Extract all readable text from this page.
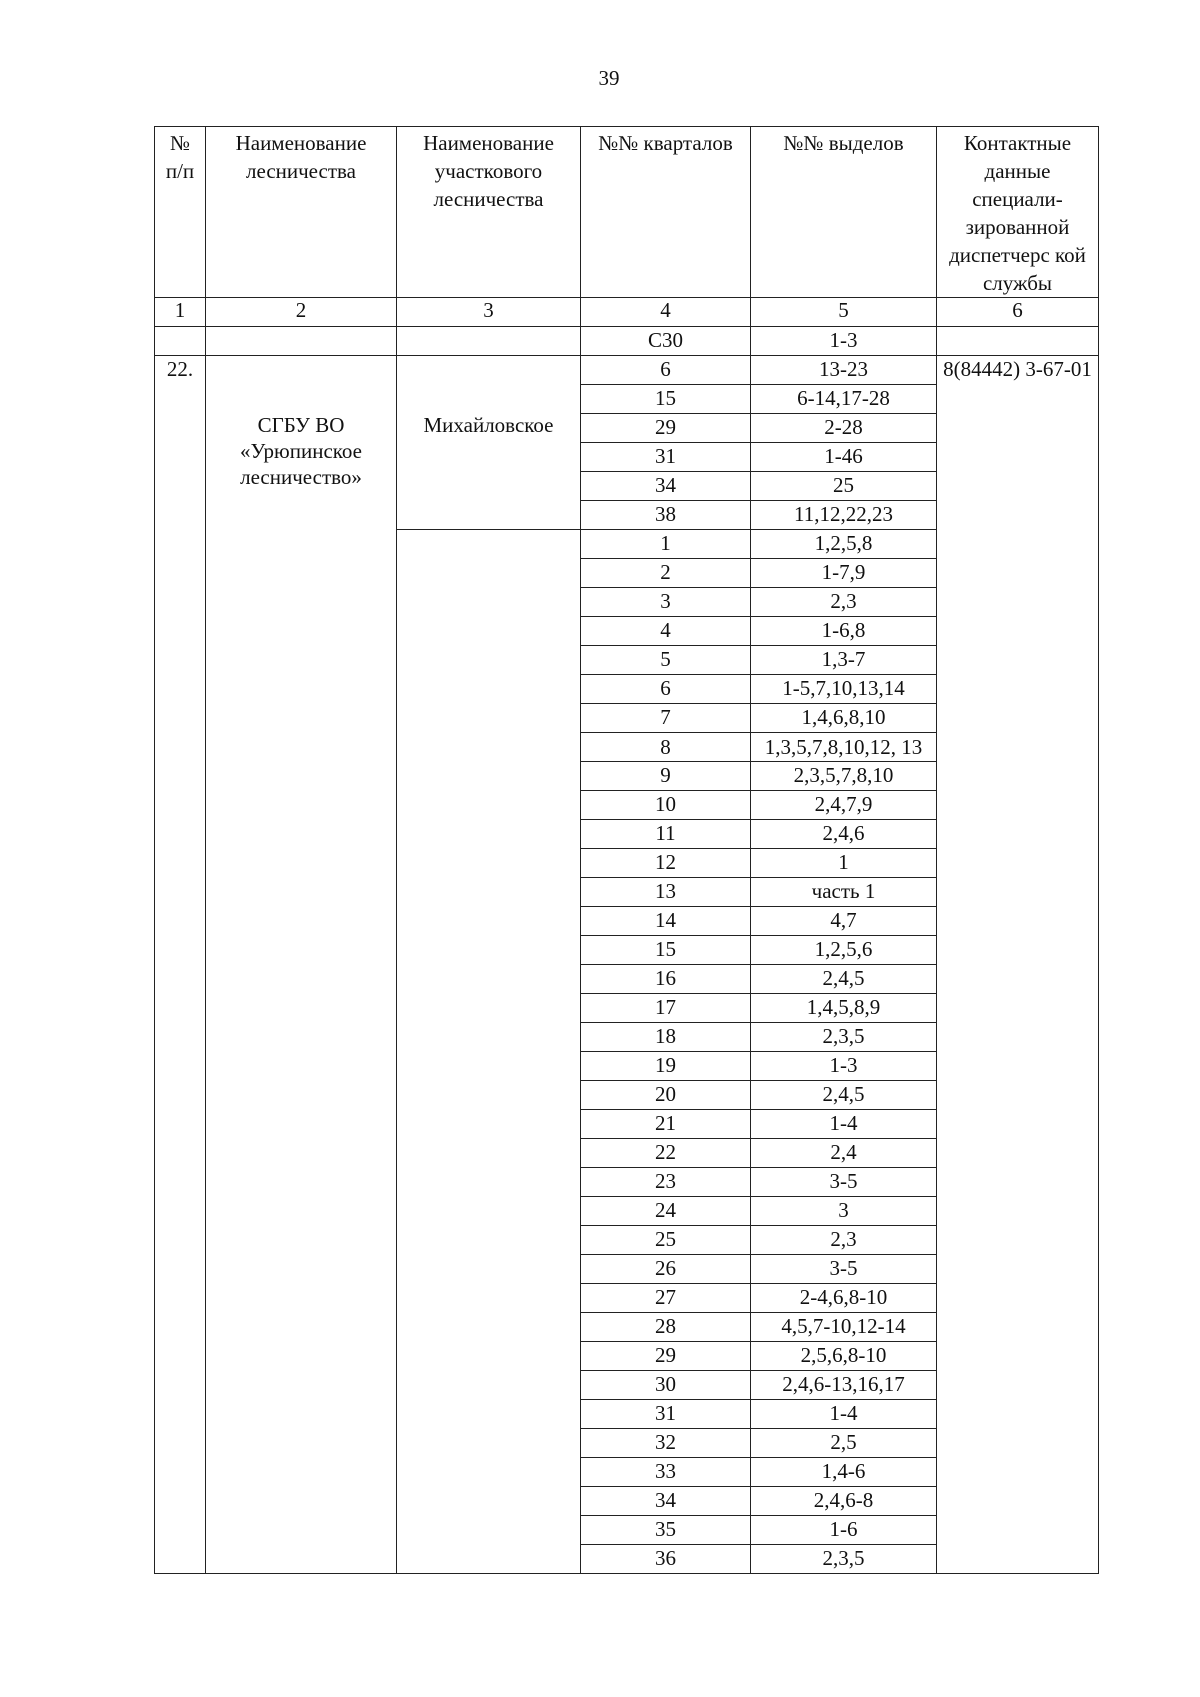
39
№
п/п	Наименование лесничества	Наименование участкового лесничества	№№ кварталов	№№ выделов	Контактные данные специали-зированной диспетчерс кой службы
1	2	3	4	5	6
			С30	1-3	
22.	СГБУ ВО «Урюпинское лесничество»	Михайловское	6	13-23	8(84442) 3-67-01
			15	6-14,17-28	
			29	2-28	
			31	1-46	
			34	25	
			38	11,12,22,23	
			1	1,2,5,8	
			2	1-7,9	
			3	2,3	
			4	1-6,8	
			5	1,3-7	
			6	1-5,7,10,13,14	
			7	1,4,6,8,10	
			8	1,3,5,7,8,10,12, 13	
			9	2,3,5,7,8,10	
			10	2,4,7,9	
			11	2,4,6	
			12	1	
			13	часть 1	
			14	4,7	
			15	1,2,5,6	
			16	2,4,5	
			17	1,4,5,8,9	
			18	2,3,5	
			19	1-3	
			20	2,4,5	
			21	1-4	
			22	2,4	
			23	3-5	
			24	3	
			25	2,3	
			26	3-5	
			27	2-4,6,8-10	
			28	4,5,7-10,12-14	
			29	2,5,6,8-10	
			30	2,4,6-13,16,17	
			31	1-4	
			32	2,5	
			33	1,4-6	
			34	2,4,6-8	
			35	1-6	
			36	2,3,5	
